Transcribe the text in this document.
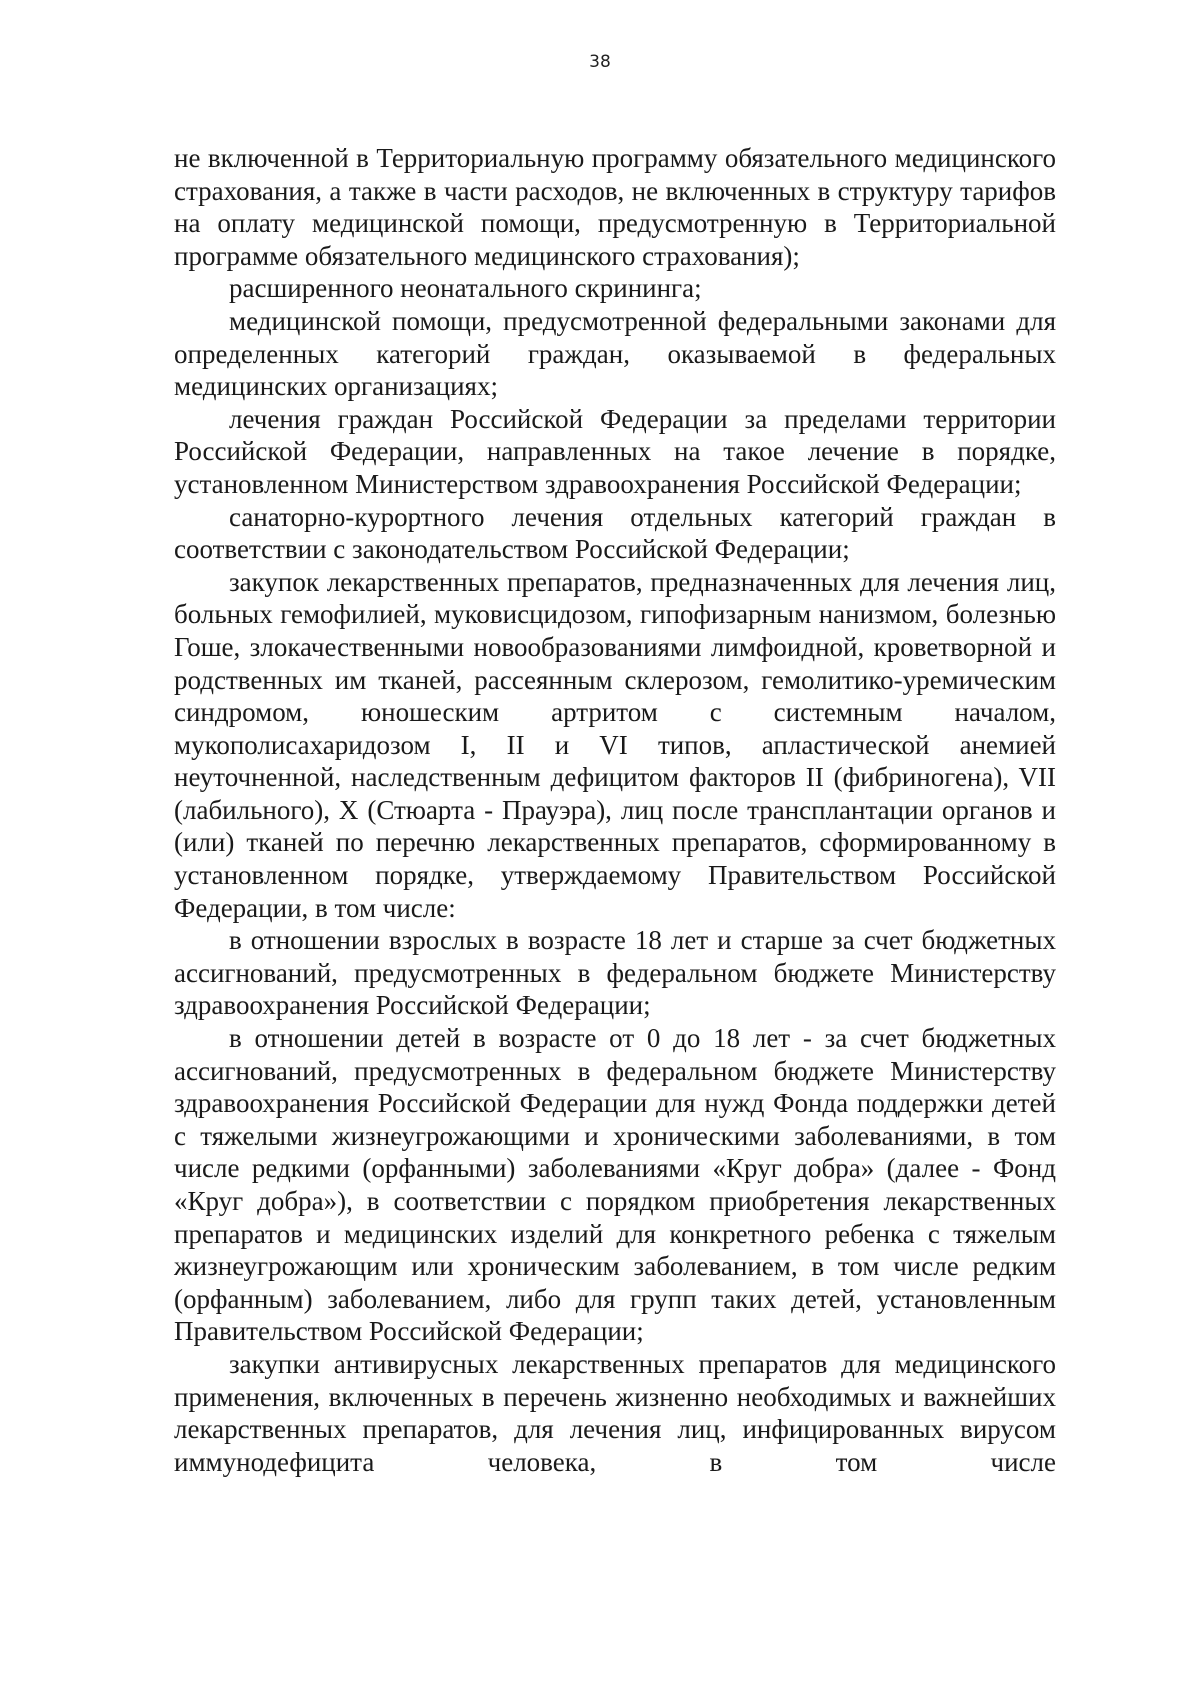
38

не включенной в Территориальную программу обязательного медицинского страхования, а также в части расходов, не включенных в структуру тарифов на оплату медицинской помощи, предусмотренную в Территориальной программе обязательного медицинского страхования);

расширенного неонатального скрининга;

медицинской помощи, предусмотренной федеральными законами для определенных категорий граждан, оказываемой в федеральных медицинских организациях;

лечения граждан Российской Федерации за пределами территории Российской Федерации, направленных на такое лечение в порядке, установленном Министерством здравоохранения Российской Федерации;

санаторно-курортного лечения отдельных категорий граждан в соответствии с законодательством Российской Федерации;

закупок лекарственных препаратов, предназначенных для лечения лиц, больных гемофилией, муковисцидозом, гипофизарным нанизмом, болезнью Гоше, злокачественными новообразованиями лимфоидной, кроветворной и родственных им тканей, рассеянным склерозом, гемолитико-уремическим синдромом, юношеским артритом с системным началом, мукополисахаридозом I, II и VI типов, апластической анемией неуточненной, наследственным дефицитом факторов II (фибриногена), VII (лабильного), X (Стюарта - Прауэра), лиц после трансплантации органов и (или) тканей по перечню лекарственных препаратов, сформированному в установленном порядке, утверждаемому Правительством Российской Федерации, в том числе:

в отношении взрослых в возрасте 18 лет и старше за счет бюджетных ассигнований, предусмотренных в федеральном бюджете Министерству здравоохранения Российской Федерации;

в отношении детей в возрасте от 0 до 18 лет - за счет бюджетных ассигнований, предусмотренных в федеральном бюджете Министерству здравоохранения Российской Федерации для нужд Фонда поддержки детей с тяжелыми жизнеугрожающими и хроническими заболеваниями, в том числе редкими (орфанными) заболеваниями «Круг добра» (далее - Фонд «Круг добра»), в соответствии с порядком приобретения лекарственных препаратов и медицинских изделий для конкретного ребенка с тяжелым жизнеугрожающим или хроническим заболеванием, в том числе редким (орфанным) заболеванием, либо для групп таких детей, установленным Правительством Российской Федерации;

закупки антивирусных лекарственных препаратов для медицинского применения, включенных в перечень жизненно необходимых и важнейших лекарственных препаратов, для лечения лиц, инфицированных вирусом иммунодефицита человека, в том числе
